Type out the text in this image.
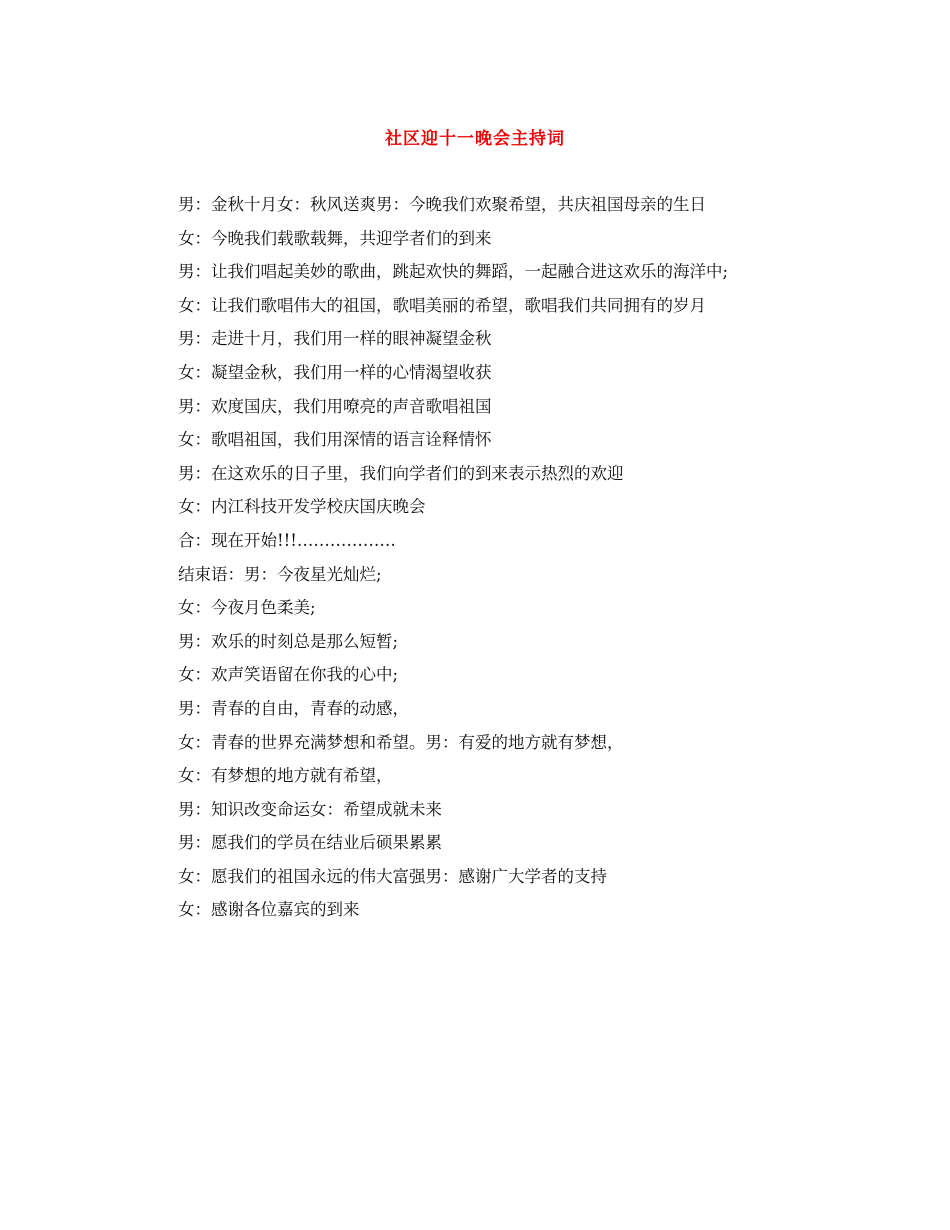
社区迎十一晚会主持词
男：金秋十月女：秋风送爽男：今晚我们欢聚希望，共庆祖国母亲的生日
女：今晚我们载歌载舞，共迎学者们的到来
男：让我们唱起美妙的歌曲，跳起欢快的舞蹈，一起融合进这欢乐的海洋中;
女：让我们歌唱伟大的祖国，歌唱美丽的希望，歌唱我们共同拥有的岁月
男：走进十月，我们用一样的眼神凝望金秋
女：凝望金秋，我们用一样的心情渴望收获
男：欢度国庆，我们用嘹亮的声音歌唱祖国
女：歌唱祖国，我们用深情的语言诠释情怀
男：在这欢乐的日子里，我们向学者们的到来表示热烈的欢迎
女：内江科技开发学校庆国庆晚会
合：现在开始!!!………………
结束语：男：今夜星光灿烂;
女：今夜月色柔美;
男：欢乐的时刻总是那么短暂;
女：欢声笑语留在你我的心中;
男：青春的自由，青春的动感，
女：青春的世界充满梦想和希望。男：有爱的地方就有梦想，
女：有梦想的地方就有希望，
男：知识改变命运女：希望成就未来
男：愿我们的学员在结业后硕果累累
女：愿我们的祖国永远的伟大富强男：感谢广大学者的支持
女：感谢各位嘉宾的到来
